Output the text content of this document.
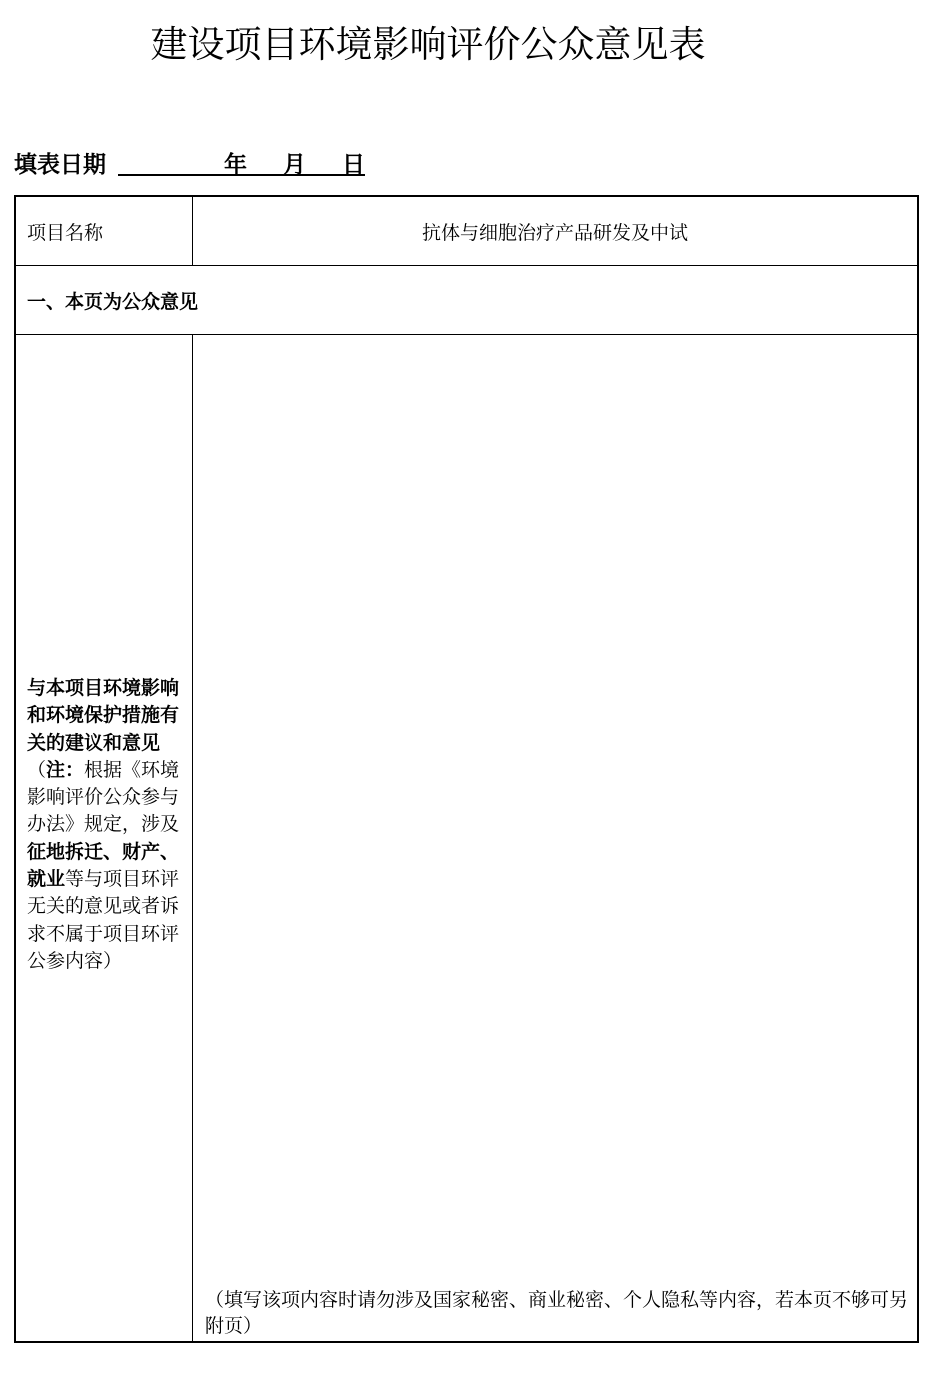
建设项目环境影响评价公众意见表
填表日期	年 月 日
项目名称	抗体与细胞治疗产品研发及中试
一、本页为公众意见
与本项目环境影响和环境保护措施有关的建议和意见（注：根据《环境影响评价公众参与办法》规定，涉及征地拆迁、财产、就业等与项目环评无关的意见或者诉求不属于项目环评公参内容）
（填写该项内容时请勿涉及国家秘密、商业秘密、个人隐私等内容，若本页不够可另附页）
